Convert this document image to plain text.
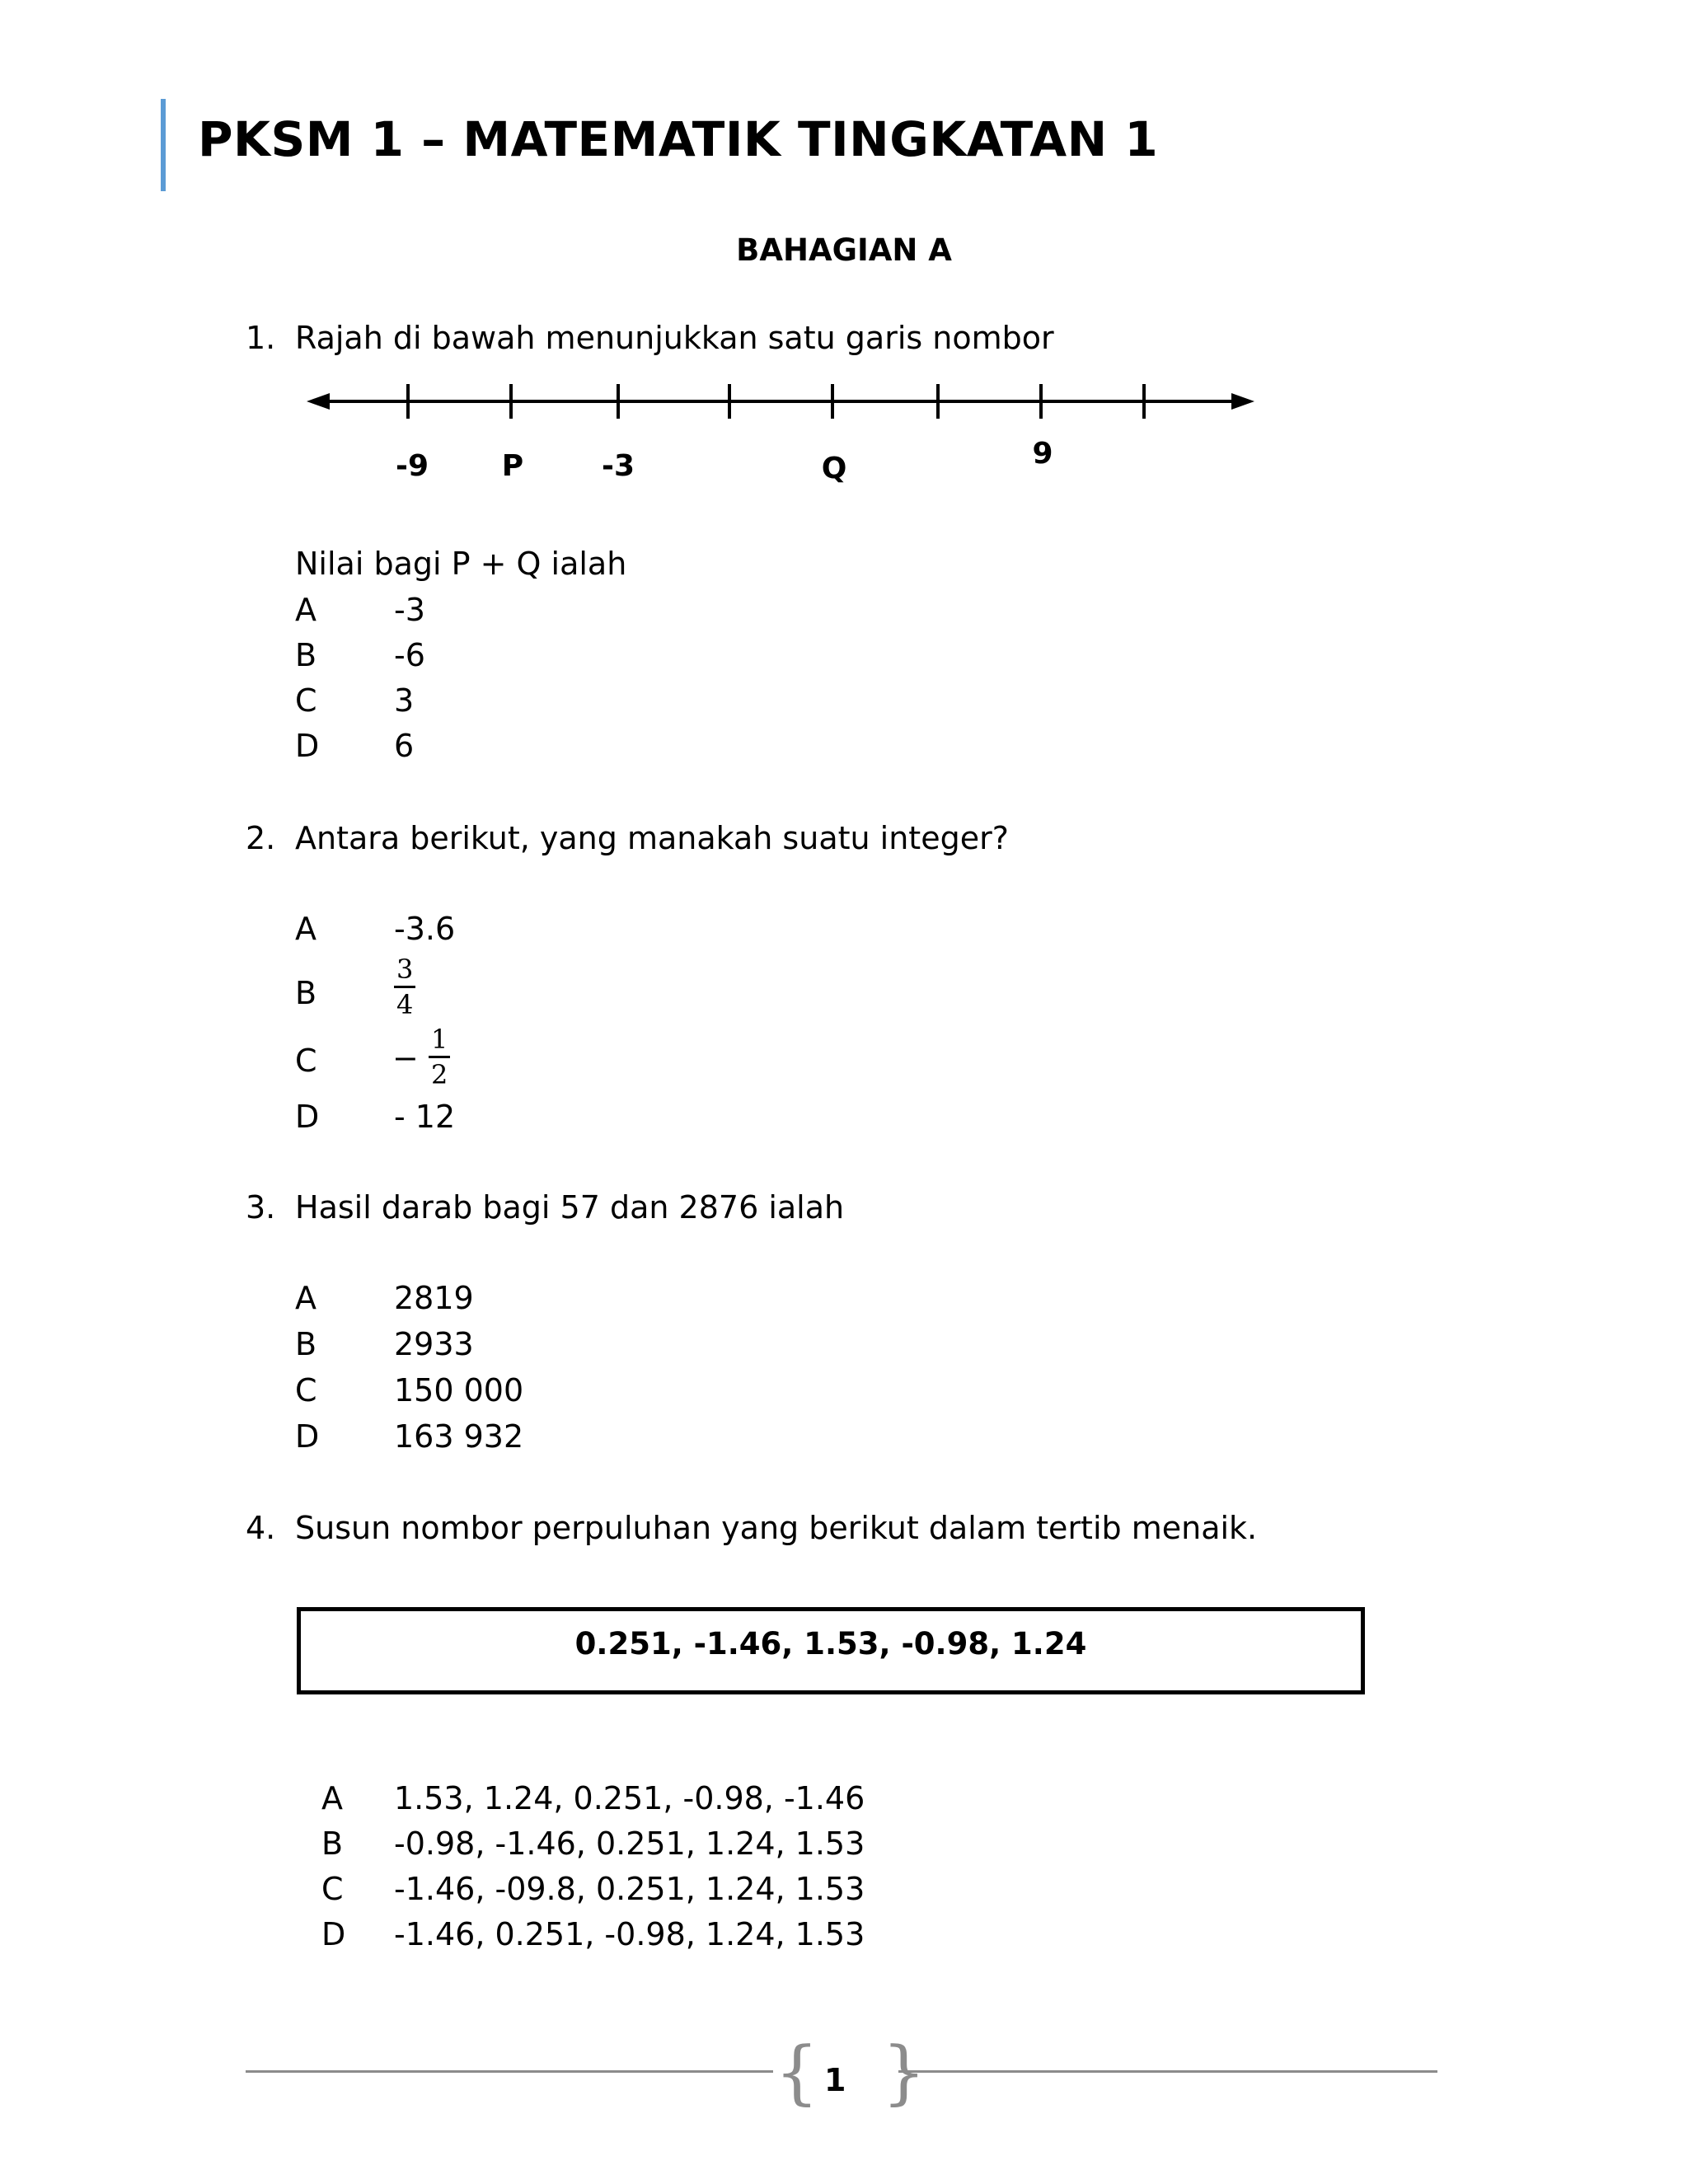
PKSM 1 – MATEMATIK TINGKATAN 1
BAHAGIAN A
1. Rajah di bawah menunjukkan satu garis nombor
-9 P	-3	Q	9
Nilai bagi P + Q ialah
A -3
B -6
C 3
D 6
2. Antara berikut, yang manakah suatu integer?
A -3.6
B	$\frac{3}{4}$
$C - \frac{1}{2}$
D - 12
3. Hasil darab bagi 57 dan 2876 ialah
A 2819
B 2933
C 150 000
D 163 932
4. Susun nombor perpuluhan yang berikut dalam tertib menaik.
0.251, -1.46, 1.53, -0.98, 1.24
A 1.53, 1.24, 0.251, -0.98, -1.46
B -0.98, -1.46, 0.251, 1.24, 1.53
C -1.46, -09.8, 0.251, 1.24, 1.53
D -1.46, 0.251, -0.98, 1.24, 1.53
{ }
1
